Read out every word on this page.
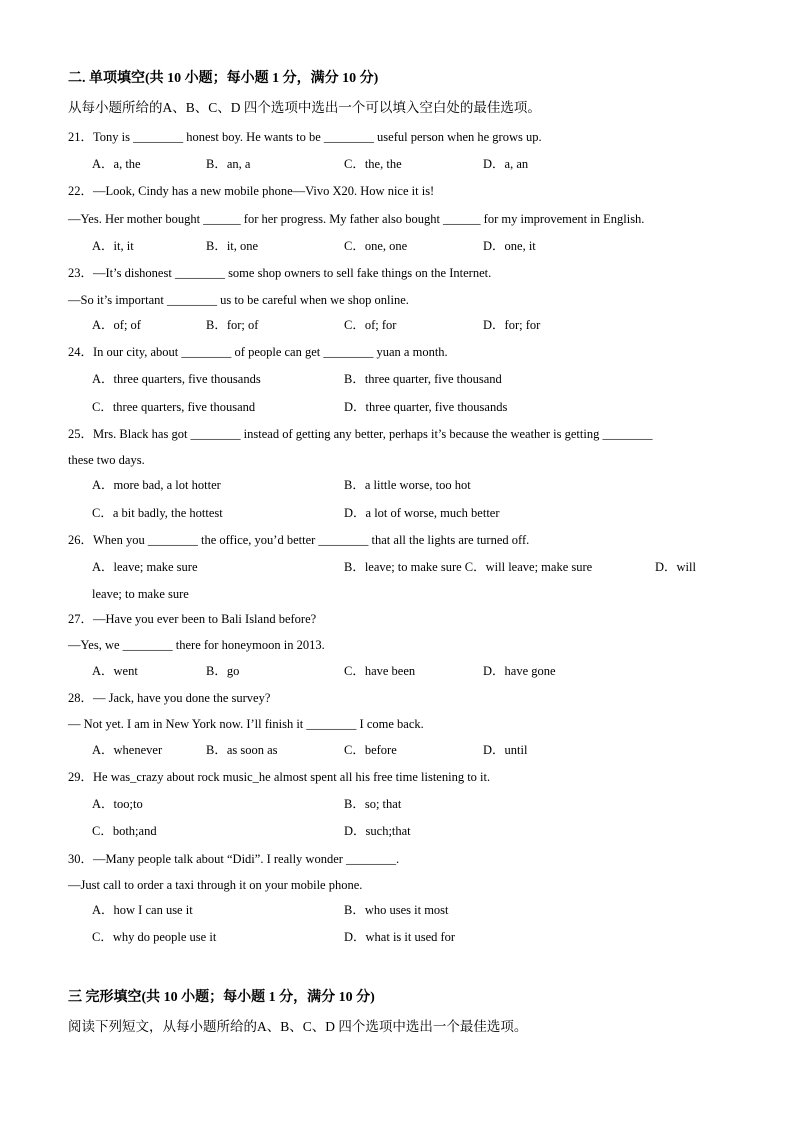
二. 单项填空(共 10 小题；每小题 1 分，满分 10 分)
从每小题所给的A、B、C、D 四个选项中选出一个可以填入空白处的最佳选项。
21．Tony is ________ honest boy. He wants to be ________ useful person when he grows up.
A．a, the	B．an, a	C．the, the	D．a, an
22．—Look, Cindy has a new mobile phone—Vivo X20. How nice it is!
—Yes. Her mother bought ______ for her progress. My father also bought ______ for my improvement in English.
A．it, it	B．it, one	C．one, one	D．one, it
23．—It’s dishonest ________ some shop owners to sell fake things on the Internet.
—So it’s important ________ us to be careful when we shop online.
A．of; of	B．for; of	C．of; for	D．for; for
24．In our city, about ________ of people can get ________ yuan a month.
A．three quarters, five thousands	B．three quarter, five thousand
C．three quarters, five thousand	D．three quarter, five thousands
25．Mrs. Black has got ________ instead of getting any better, perhaps it’s because the weather is getting ________
these two days.
A．more bad, a lot hotter	B．a little worse, too hot
C．a bit badly, the hottest	D．a lot of worse, much better
26．When you ________ the office, you’d better ________ that all the lights are turned off.
A．leave; make sure	B．leave; to make sure C．will leave; make sure	D．will
leave; to make sure
27．—Have you ever been to Bali Island before?
—Yes, we ________ there for honeymoon in 2013.
A．went	B．go	C．have been	D．have gone
28．— Jack, have you done the survey?
— Not yet. I am in New York now. I’ll finish it ________ I come back.
A．whenever	B．as soon as	C．before	D．until
29．He was_crazy about rock music_he almost spent all his free time listening to it.
A．too;to	B．so; that
C．both;and	D．such;that
30．—Many people talk about “Didi”. I really wonder ________.
—Just call to order a taxi through it on your mobile phone.
A．how I can use it	B．who uses it most
C．why do people use it	D．what is it used for
三 完形填空(共 10 小题；每小题 1 分，满分 10 分)
阅读下列短文，从每小题所给的A、B、C、D 四个选项中选出一个最佳选项。
